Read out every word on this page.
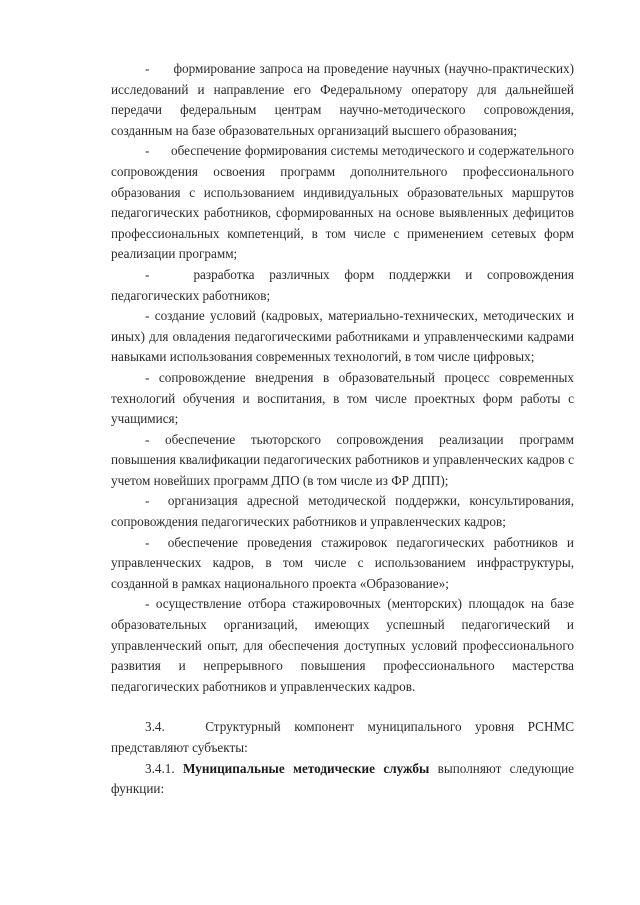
-      формирование запроса на проведение научных (научно-практических) исследований и направление его Федеральному оператору для дальнейшей передачи федеральным центрам научно-методического сопровождения, созданным на базе образовательных организаций высшего образования;

-      обеспечение формирования системы методического и содержательного сопровождения освоения программ дополнительного профессионального образования с использованием индивидуальных образовательных маршрутов педагогических работников, сформированных на основе выявленных дефицитов профессиональных компетенций, в том числе с применением сетевых форм реализации программ;

-   разработка различных форм поддержки и сопровождения педагогических работников;

- создание условий (кадровых, материально-технических, методических и иных) для овладения педагогическими работниками и управленческими кадрами навыками использования современных технологий, в том числе цифровых;

- сопровождение внедрения в образовательный процесс современных технологий обучения и воспитания, в том числе проектных форм работы с учащимися;

- обеспечение тьюторского сопровождения реализации программ повышения квалификации педагогических работников и управленческих кадров с учетом новейших программ ДПО (в том числе из ФР ДПП);

-  организация адресной методической поддержки, консультирования, сопровождения педагогических работников и управленческих кадров;

-  обеспечение проведения стажировок педагогических работников и управленческих кадров, в том числе с использованием инфраструктуры, созданной в рамках национального проекта «Образование»;

- осуществление отбора стажировочных (менторских) площадок на базе образовательных организаций, имеющих успешный педагогический и управленческий опыт, для обеспечения доступных условий профессионального развития и непрерывного повышения профессионального мастерства педагогических работников и управленческих кадров.

3.4.   Структурный компонент муниципального уровня РСНМС представляют субъекты:

3.4.1. Муниципальные методические службы выполняют следующие функции:
